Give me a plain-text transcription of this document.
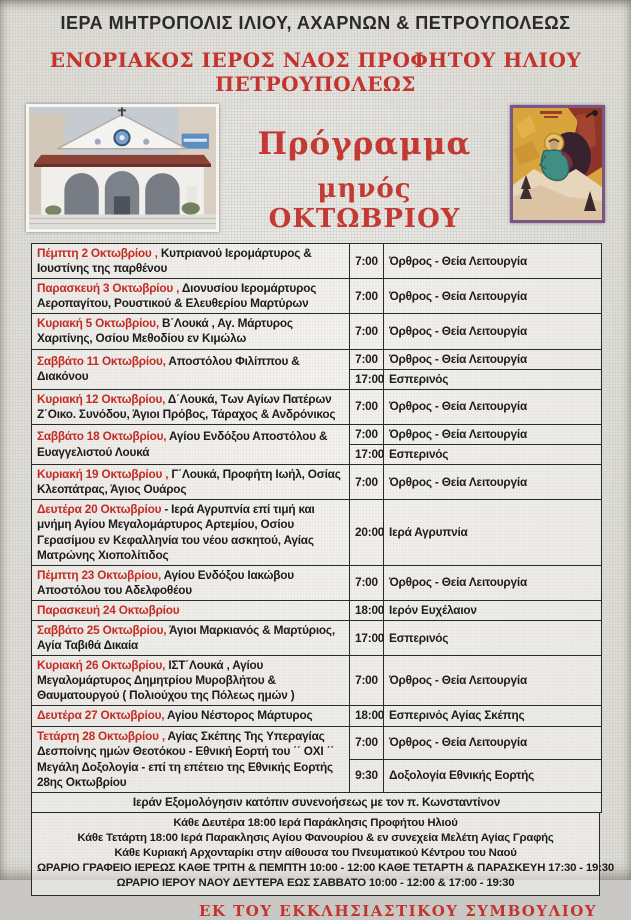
ΙΕΡΑ ΜΗΤΡΟΠΟΛΙΣ ΙΛΙΟΥ, ΑΧΑΡΝΩΝ & ΠΕΤΡΟΥΠΟΛΕΩΣ
ΕΝΟΡΙΑΚΟΣ ΙΕΡΟΣ ΝΑΟΣ ΠΡΟΦΗΤΟΥ ΗΛΙΟΥ ΠΕΤΡΟΥΠΟΛΕΩΣ
Πρόγραμμα
μηνός ΟΚΤΩΒΡΙΟΥ
Πέμπτη 2 Οκτωβρίου , Κυπριανού Ιερομάρτυρος & Ιουστίνης της παρθένου	7:00	Όρθρος - Θεία Λειτουργία
Παρασκευή 3 Οκτωβρίου , Διονυσίου Ιερομάρτυρος Αεροπαγίτου, Ρουστικού & Ελευθερίου Μαρτύρων	7:00	Όρθρος - Θεία Λειτουργία
Κυριακή 5 Οκτωβρίου, Β΄Λουκά , Αγ. Μάρτυρος Χαριτίνης, Οσίου Μεθοδίου εν Κιμώλω	7:00	Όρθρος - Θεία Λειτουργία
Σαββάτο 11 Οκτωβρίου, Αποστόλου Φιλίππου & Διακόνου	7:00	Όρθρος - Θεία Λειτουργία
	17:00	Εσπερινός
Κυριακή 12 Οκτωβρίου, Δ΄Λουκά, Των Αγίων Πατέρων Ζ΄Οικο. Συνόδου, Άγιοι Πρόβος, Τάραχος & Ανδρόνικος	7:00	Όρθρος - Θεία Λειτουργία
Σαββάτο 18 Οκτωβρίου, Αγίου Ενδόξου Αποστόλου & Ευαγγελιστού Λουκά	7:00	Όρθρος - Θεία Λειτουργία
	17:00	Εσπερινός
Κυριακή 19 Οκτωβρίου , Γ΄Λουκά, Προφήτη Ιωήλ, Οσίας Κλεοπάτρας, Άγιος Ουάρος	7:00	Όρθρος - Θεία Λειτουργία
Δευτέρα 20 Οκτωβρίου - Ιερά Αγρυπνία επί τιμή και μνήμη Αγίου Μεγαλομάρτυρος Αρτεμίου, Οσίου Γερασίμου εν Κεφαλληνία του νέου ασκητού, Αγίας Ματρώνης Χιοπολίτιδος	20:00	Ιερά Αγρυπνία
Πέμπτη 23 Οκτωβρίου, Αγίου Ενδόξου Ιακώβου Αποστόλου του Αδελφοθέου	7:00	Όρθρος - Θεία Λειτουργία
Παρασκευή 24 Οκτωβρίου	18:00	Ιερόν Ευχέλαιον
Σαββάτο 25 Οκτωβρίου, Άγιοι Μαρκιανός & Μαρτύριος, Αγία Ταβιθά Δικαία	17:00	Εσπερινός
Κυριακή 26 Οκτωβρίου, ΙΣΤ΄Λουκά , Αγίου Μεγαλομάρτυρος Δημητρίου Μυροβλήτου & Θαυματουργού ( Πολιούχου της Πόλεως ημών )	7:00	Όρθρος - Θεία Λειτουργία
Δευτέρα 27 Οκτωβρίου, Αγίου Νέστορος Μάρτυρος	18:00	Εσπερινός Αγίας Σκέπης
Τετάρτη 28 Οκτωβρίου , Αγίας Σκέπης Της Υπεραγίας Δεσποίνης ημών Θεοτόκου - Εθνική Εορτή του ΄΄ ΟΧΙ ΄΄
Μεγάλη Δοξολογία - επί τη επέτειο της Εθνικής Εορτής 28ης Οκτωβρίου	7:00	Όρθρος - Θεία Λειτουργία
	9:30	Δοξολογία Εθνικής Εορτής
Ιεράν Εξομολόγησιν κατόπιν συνενοήσεως με τον π. Κωνσταντίνον		
Κάθε Δευτέρα 18:00 Ιερά Παράκλησις Προφήτου Ηλιού
Κάθε Τετάρτη 18:00 Ιερά Παρακλησις Αγίου Φανουρίου & εν συνεχεία Μελέτη Αγίας Γραφής
Κάθε Κυριακή Αρχονταρίκι στην αίθουσα του Πνευματικού Κέντρου του Ναού
ΩΡΑΡΙΟ ΓΡΑΦΕΙΟ ΙΕΡΕΩΣ ΚΑΘΕ ΤΡΙΤΗ & ΠΕΜΠΤΗ 10:00 - 12:00 ΚΑΘΕ ΤΕΤΑΡΤΗ & ΠΑΡΑΣΚΕΥΗ 17:30 - 19:30
ΩΡΑΡΙΟ ΙΕΡΟΥ ΝΑΟΥ ΔΕΥΤΕΡΑ ΕΩΣ ΣΑΒΒΑΤΟ 10:00 - 12:00 & 17:00 - 19:30
ΕΚ ΤΟΥ ΕΚΚΛΗΣΙΑΣΤΙΚΟΥ ΣΥΜΒΟΥΛΙΟΥ
